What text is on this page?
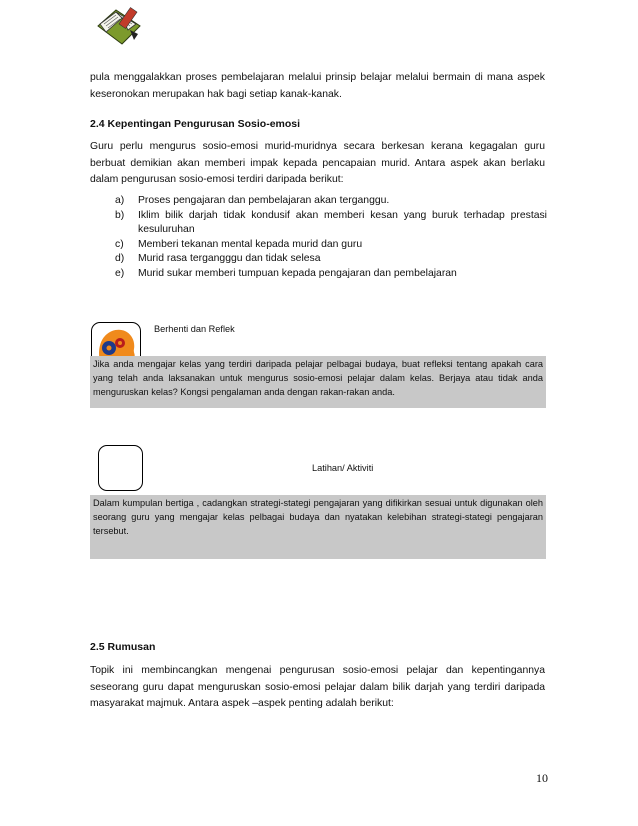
pula menggalakkan proses pembelajaran melalui prinsip belajar melalui bermain di mana aspek keseronokan merupakan hak bagi setiap kanak-kanak.
2.4 Kepentingan Pengurusan Sosio-emosi
Guru perlu mengurus sosio-emosi murid-muridnya secara berkesan kerana kegagalan guru berbuat demikian akan memberi impak kepada pencapaian murid. Antara aspek akan berlaku dalam pengurusan sosio-emosi terdiri daripada berikut:
a) Proses pengajaran dan pembelajaran akan terganggu.
b) Iklim bilik darjah tidak kondusif akan memberi kesan yang buruk terhadap prestasi kesuluruhan
c) Memberi tekanan mental kepada murid dan guru
d) Murid rasa tergangggu dan tidak selesa
e) Murid sukar memberi tumpuan kepada pengajaran dan pembelajaran
Berhenti dan Reflek
Jika anda mengajar kelas yang terdiri daripada pelajar pelbagai budaya, buat refleksi tentang apakah cara yang telah anda laksanakan untuk mengurus sosio-emosi pelajar dalam kelas. Berjaya atau tidak anda menguruskan kelas? Kongsi pengalaman anda dengan rakan-rakan anda.
Latihan/ Aktiviti
Dalam kumpulan bertiga , cadangkan strategi-stategi pengajaran yang difikirkan sesuai untuk digunakan oleh seorang guru yang mengajar kelas pelbagai budaya dan nyatakan kelebihan strategi-stategi pengajaran tersebut.
2.5 Rumusan
Topik ini membincangkan mengenai pengurusan sosio-emosi pelajar dan kepentingannya seseorang guru dapat menguruskan sosio-emosi pelajar dalam bilik darjah yang terdiri daripada masyarakat majmuk. Antara aspek –aspek penting adalah berikut:
10
